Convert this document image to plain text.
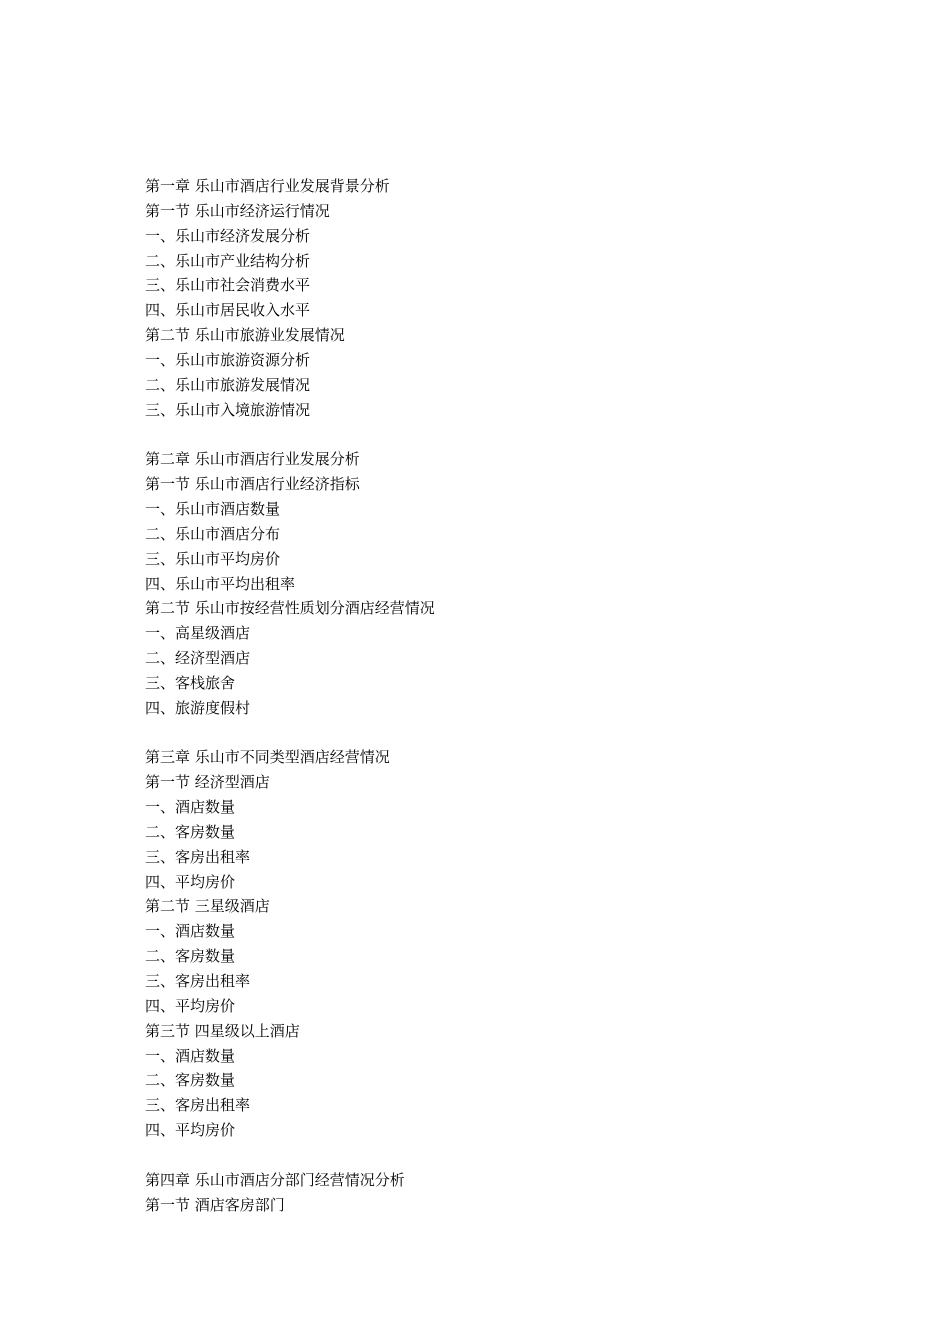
第一章 乐山市酒店行业发展背景分析
第一节 乐山市经济运行情况
一、乐山市经济发展分析
二、乐山市产业结构分析
三、乐山市社会消费水平
四、乐山市居民收入水平
第二节 乐山市旅游业发展情况
一、乐山市旅游资源分析
二、乐山市旅游发展情况
三、乐山市入境旅游情况
第二章 乐山市酒店行业发展分析
第一节 乐山市酒店行业经济指标
一、乐山市酒店数量
二、乐山市酒店分布
三、乐山市平均房价
四、乐山市平均出租率
第二节 乐山市按经营性质划分酒店经营情况
一、高星级酒店
二、经济型酒店
三、客栈旅舍
四、旅游度假村
第三章 乐山市不同类型酒店经营情况
第一节 经济型酒店
一、酒店数量
二、客房数量
三、客房出租率
四、平均房价
第二节 三星级酒店
一、酒店数量
二、客房数量
三、客房出租率
四、平均房价
第三节 四星级以上酒店
一、酒店数量
二、客房数量
三、客房出租率
四、平均房价
第四章 乐山市酒店分部门经营情况分析
第一节 酒店客房部门
